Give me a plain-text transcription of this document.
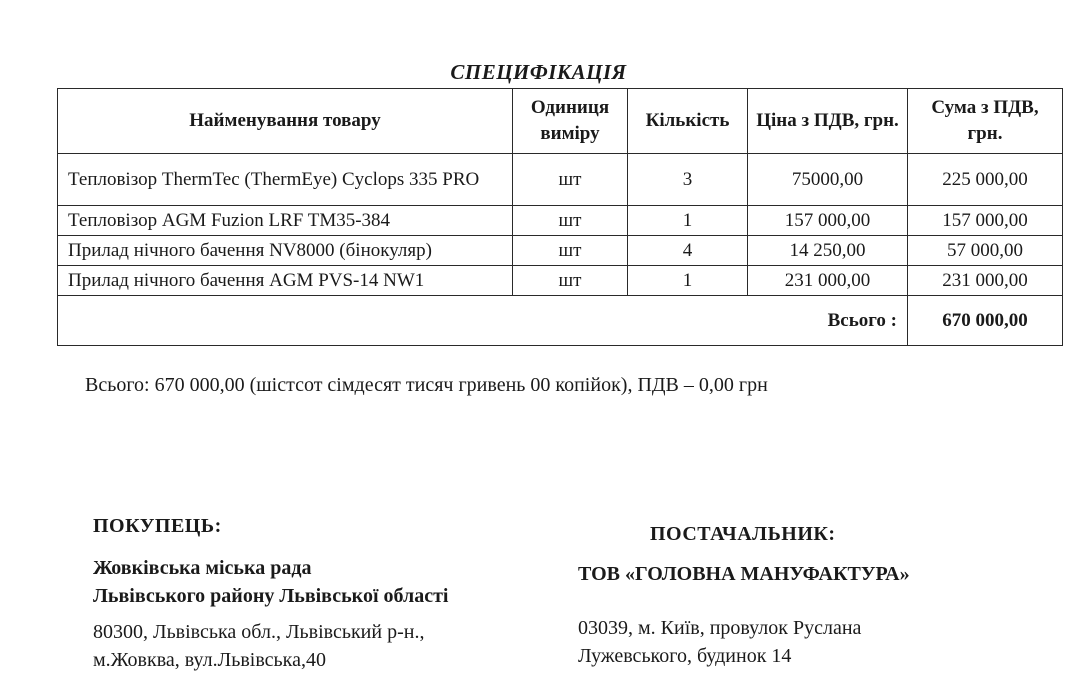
СПЕЦИФІКАЦІЯ
Найменування товару	Одиниця виміру	Кількість	Ціна з ПДВ, грн.	Сума з ПДВ, грн.
Тепловізор ThermTec (ThermEye) Cyclops 335 PRO	шт	3	75000,00	225 000,00
Тепловізор AGM Fuzion LRF TM35-384	шт	1	157 000,00	157 000,00
Прилад нічного бачення NV8000 (бінокуляр)	шт	4	14 250,00	57 000,00
Прилад нічного бачення AGM PVS-14 NW1	шт	1	231 000,00	231 000,00
Всього :				670 000,00
Всього: 670 000,00 (шістсот сімдесят тисяч гривень 00 копійок), ПДВ – 0,00 грн
ПОКУПЕЦЬ:
Жовківська міська рада
Львівського району Львівської області
80300, Львівська обл., Львівський р-н.,
м.Жовква, вул.Львівська,40
ПОСТАЧАЛЬНИК:
ТОВ «ГОЛОВНА МАНУФАКТУРА»
03039, м. Київ, провулок Руслана
Лужевського, будинок 14
